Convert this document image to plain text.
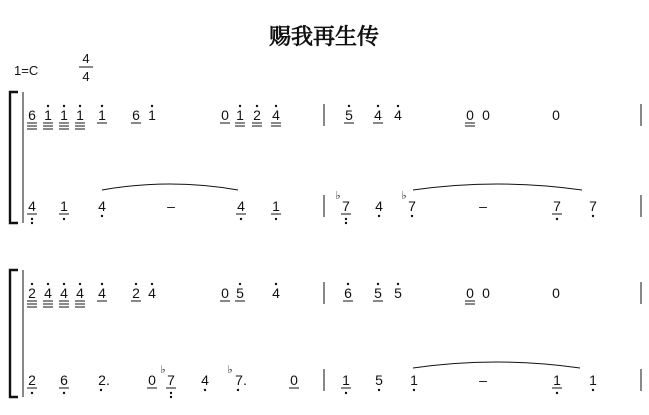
赐我再生传
1=C
4
4
6 1 1 1 1 6 1	0 1 2 4	5 4 4	0 0	0
4 1 4	–	4 1	7
♭
4 7
♭
–	7 7
2 4 4 4 4 2 4	0 5 4	6 5 5	0 0	0
2 6 2.	0 7
♭
4 7.
♭
0	1 5 1	–	1 1
